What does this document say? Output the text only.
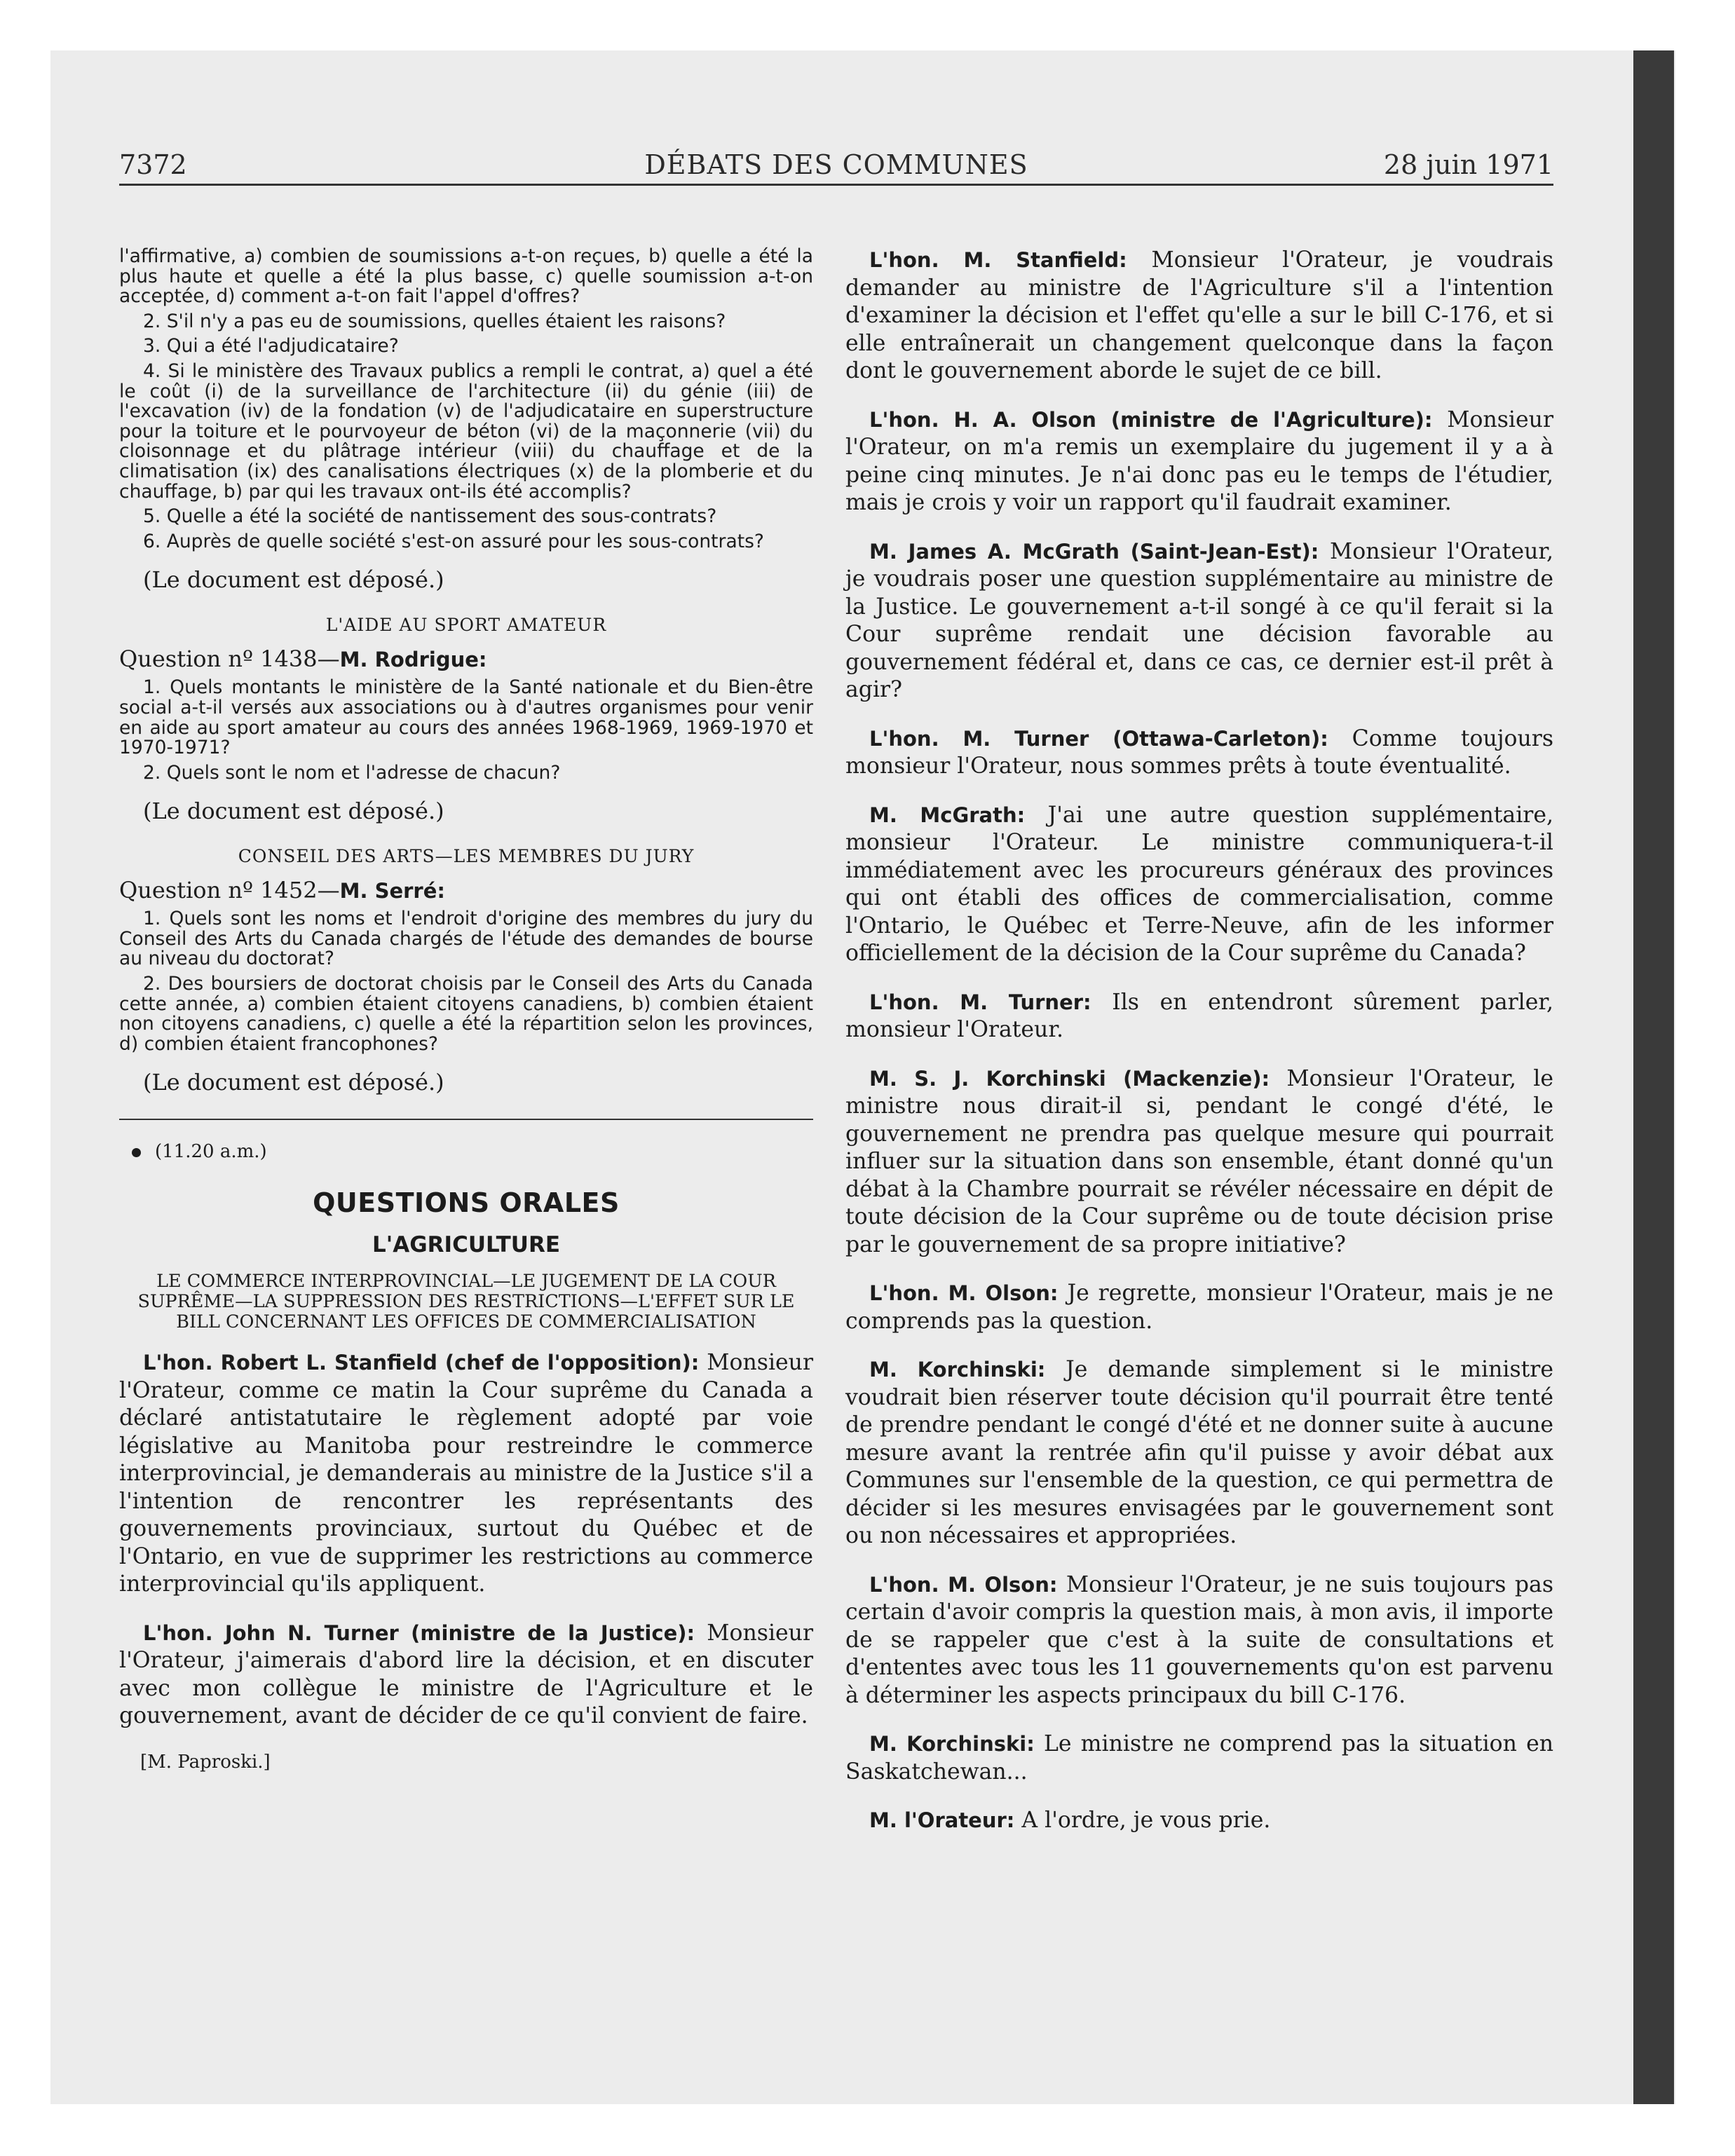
7372	DÉBATS DES COMMUNES	28 juin 1971

l'affirmative, a) combien de soumissions a-t-on reçues, b) quelle a été la plus haute et quelle a été la plus basse, c) quelle soumission a-t-on acceptée, d) comment a-t-on fait l'appel d'offres?

2. S'il n'y a pas eu de soumissions, quelles étaient les raisons?

3. Qui a été l'adjudicataire?

4. Si le ministère des Travaux publics a rempli le contrat, a) quel a été le coût (i) de la surveillance de l'architecture (ii) du génie (iii) de l'excavation (iv) de la fondation (v) de l'adjudicataire en superstructure pour la toiture et le pourvoyeur de béton (vi) de la maçonnerie (vii) du cloisonnage et du plâtrage intérieur (viii) du chauffage et de la climatisation (ix) des canalisations électriques (x) de la plomberie et du chauffage, b) par qui les travaux ont-ils été accomplis?

5. Quelle a été la société de nantissement des sous-contrats?

6. Auprès de quelle société s'est-on assuré pour les sous-contrats?

(Le document est déposé.)

L'AIDE AU SPORT AMATEUR

Question nº 1438—M. Rodrigue:

1. Quels montants le ministère de la Santé nationale et du Bien-être social a-t-il versés aux associations ou à d'autres organismes pour venir en aide au sport amateur au cours des années 1968-1969, 1969-1970 et 1970-1971?

2. Quels sont le nom et l'adresse de chacun?

(Le document est déposé.)

CONSEIL DES ARTS—LES MEMBRES DU JURY

Question nº 1452—M. Serré:

1. Quels sont les noms et l'endroit d'origine des membres du jury du Conseil des Arts du Canada chargés de l'étude des demandes de bourse au niveau du doctorat?

2. Des boursiers de doctorat choisis par le Conseil des Arts du Canada cette année, a) combien étaient citoyens canadiens, b) combien étaient non citoyens canadiens, c) quelle a été la répartition selon les provinces, d) combien étaient francophones?

(Le document est déposé.)

(11.20 a.m.)

QUESTIONS ORALES
L'AGRICULTURE
LE COMMERCE INTERPROVINCIAL—LE JUGEMENT DE LA COUR SUPRÊME—LA SUPPRESSION DES RESTRICTIONS—L'EFFET SUR LE BILL CONCERNANT LES OFFICES DE COMMERCIALISATION

L'hon. Robert L. Stanfield (chef de l'opposition): Monsieur l'Orateur, comme ce matin la Cour suprême du Canada a déclaré antistatutaire le règlement adopté par voie législative au Manitoba pour restreindre le commerce interprovincial, je demanderais au ministre de la Justice s'il a l'intention de rencontrer les représentants des gouvernements provinciaux, surtout du Québec et de l'Ontario, en vue de supprimer les restrictions au commerce interprovincial qu'ils appliquent.

L'hon. John N. Turner (ministre de la Justice): Monsieur l'Orateur, j'aimerais d'abord lire la décision, et en discuter avec mon collègue le ministre de l'Agriculture et le gouvernement, avant de décider de ce qu'il convient de faire.

[M. Paproski.]

L'hon. M. Stanfield: Monsieur l'Orateur, je voudrais demander au ministre de l'Agriculture s'il a l'intention d'examiner la décision et l'effet qu'elle a sur le bill C-176, et si elle entraînerait un changement quelconque dans la façon dont le gouvernement aborde le sujet de ce bill.

L'hon. H. A. Olson (ministre de l'Agriculture): Monsieur l'Orateur, on m'a remis un exemplaire du jugement il y a à peine cinq minutes. Je n'ai donc pas eu le temps de l'étudier, mais je crois y voir un rapport qu'il faudrait examiner.

M. James A. McGrath (Saint-Jean-Est): Monsieur l'Orateur, je voudrais poser une question supplémentaire au ministre de la Justice. Le gouvernement a-t-il songé à ce qu'il ferait si la Cour suprême rendait une décision favorable au gouvernement fédéral et, dans ce cas, ce dernier est-il prêt à agir?

L'hon. M. Turner (Ottawa-Carleton): Comme toujours monsieur l'Orateur, nous sommes prêts à toute éventualité.

M. McGrath: J'ai une autre question supplémentaire, monsieur l'Orateur. Le ministre communiquera-t-il immédiatement avec les procureurs généraux des provinces qui ont établi des offices de commercialisation, comme l'Ontario, le Québec et Terre-Neuve, afin de les informer officiellement de la décision de la Cour suprême du Canada?

L'hon. M. Turner: Ils en entendront sûrement parler, monsieur l'Orateur.

M. S. J. Korchinski (Mackenzie): Monsieur l'Orateur, le ministre nous dirait-il si, pendant le congé d'été, le gouvernement ne prendra pas quelque mesure qui pourrait influer sur la situation dans son ensemble, étant donné qu'un débat à la Chambre pourrait se révéler nécessaire en dépit de toute décision de la Cour suprême ou de toute décision prise par le gouvernement de sa propre initiative?

L'hon. M. Olson: Je regrette, monsieur l'Orateur, mais je ne comprends pas la question.

M. Korchinski: Je demande simplement si le ministre voudrait bien réserver toute décision qu'il pourrait être tenté de prendre pendant le congé d'été et ne donner suite à aucune mesure avant la rentrée afin qu'il puisse y avoir débat aux Communes sur l'ensemble de la question, ce qui permettra de décider si les mesures envisagées par le gouvernement sont ou non nécessaires et appropriées.

L'hon. M. Olson: Monsieur l'Orateur, je ne suis toujours pas certain d'avoir compris la question mais, à mon avis, il importe de se rappeler que c'est à la suite de consultations et d'ententes avec tous les 11 gouvernements qu'on est parvenu à déterminer les aspects principaux du bill C-176.

M. Korchinski: Le ministre ne comprend pas la situation en Saskatchewan...

M. l'Orateur: A l'ordre, je vous prie.
